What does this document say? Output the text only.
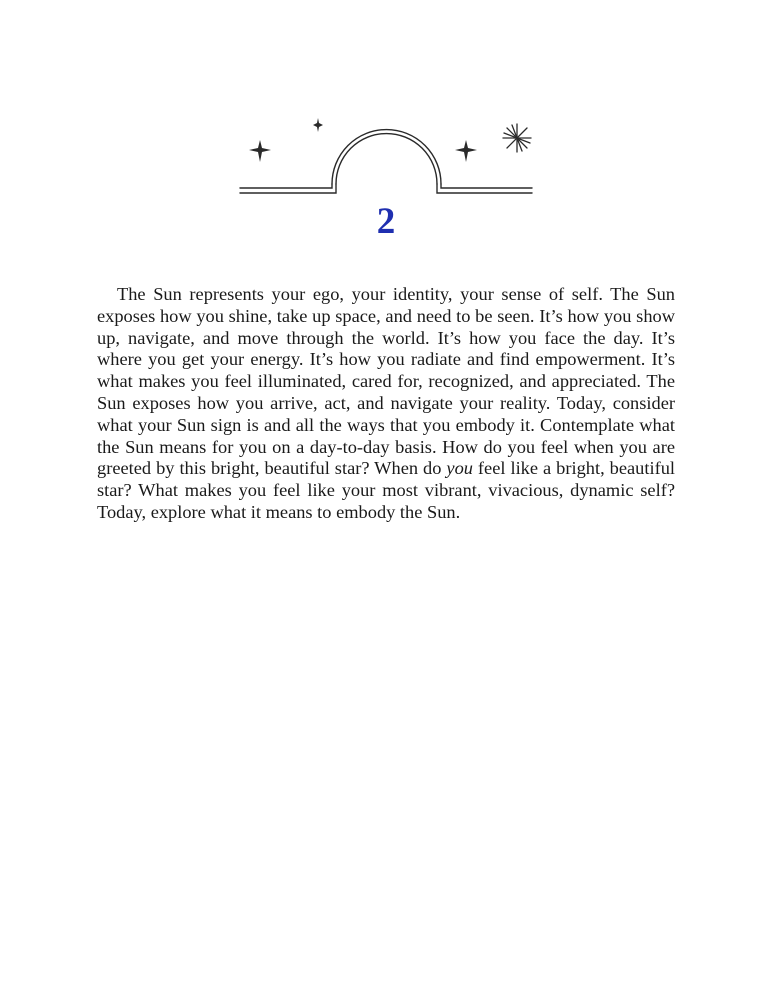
2

The Sun represents your ego, your identity, your sense of self. The Sun exposes how you shine, take up space, and need to be seen. It’s how you show up, navigate, and move through the world. It’s how you face the day. It’s where you get your energy. It’s how you radiate and find empowerment. It’s what makes you feel illuminated, cared for, recognized, and appreciated. The Sun exposes how you arrive, act, and navigate your reality. Today, consider what your Sun sign is and all the ways that you embody it. Contemplate what the Sun means for you on a day-to-day basis. How do you feel when you are greeted by this bright, beautiful star? When do you feel like a bright, beautiful star? What makes you feel like your most vibrant, vivacious, dynamic self? Today, explore what it means to embody the Sun.
